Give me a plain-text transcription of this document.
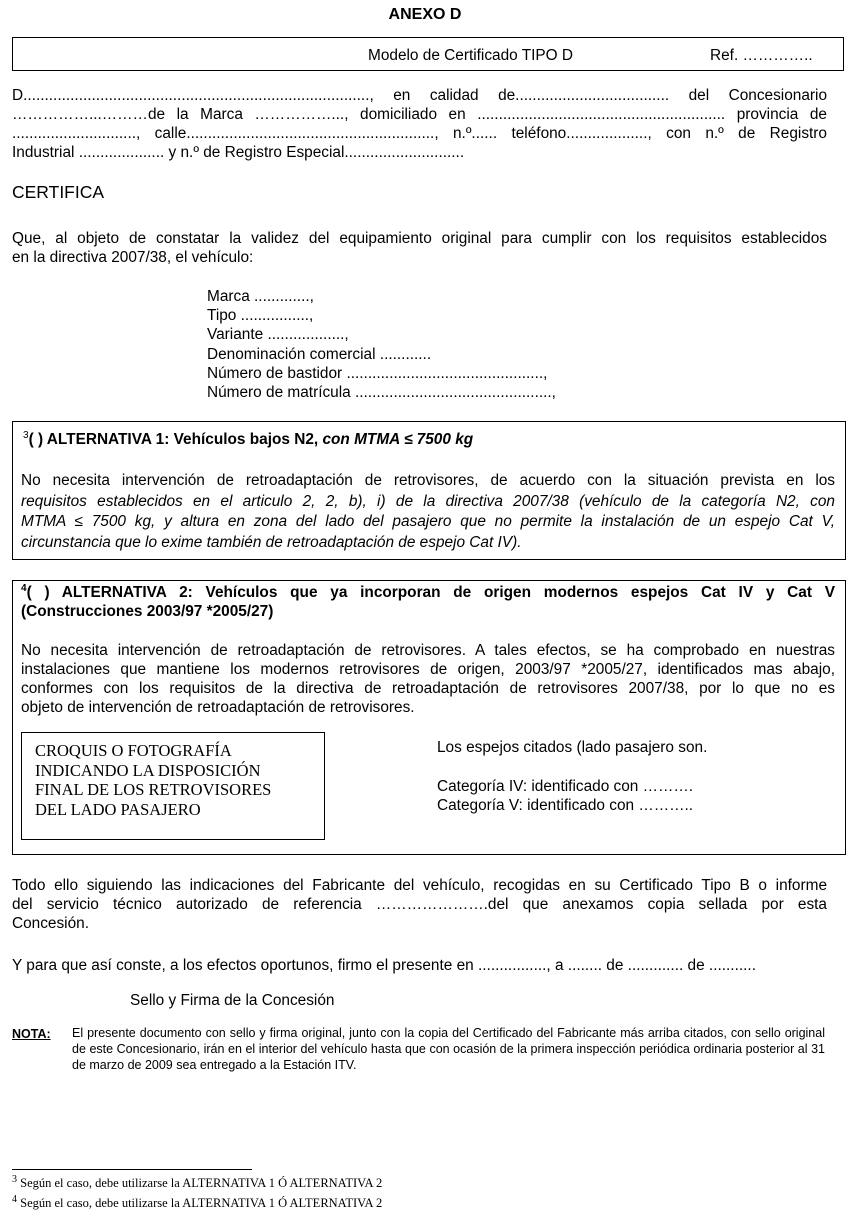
ANEXO D
Modelo de Certificado TIPO D	Ref. …………..
D................................................................................., en calidad de.................................... del Concesionario
……………...………de la Marca ……………..., domiciliado en .......................................................... provincia de
............................., calle.........................................................., n.º...... teléfono..................., con n.º de Registro
Industrial .................... y n.º de Registro Especial............................
CERTIFICA
Que, al objeto de constatar la validez del equipamiento original para cumplir con los requisitos establecidos
en la directiva 2007/38, el vehículo:
Marca .............,
Tipo ................,
Variante ..................,
Denominación comercial ............
Número de bastidor ..............................................,
Número de matrícula ..............................................,
$^3$( ) ALTERNATIVA 1: Vehículos bajos N2, con MTMA ≤ 7500 kg
No necesita intervención de retroadaptación de retrovisores, de acuerdo con la situación prevista en los
requisitos establecidos en el articulo 2, 2, b), i) de la directiva 2007/38 (vehículo de la categoría N2, con
MTMA ≤ 7500 kg, y altura en zona del lado del pasajero que no permite la instalación de un espejo Cat V,
circunstancia que lo exime también de retroadaptación de espejo Cat IV).
$^4$( ) ALTERNATIVA 2: Vehículos que ya incorporan de origen modernos espejos Cat IV y Cat V
(Construcciones 2003/97 *2005/27)
No necesita intervención de retroadaptación de retrovisores. A tales efectos, se ha comprobado en nuestras
instalaciones que mantiene los modernos retrovisores de origen, 2003/97 *2005/27, identificados mas abajo,
conformes con los requisitos de la directiva de retroadaptación de retrovisores 2007/38, por lo que no es
objeto de intervención de retroadaptación de retrovisores.
CROQUIS O FOTOGRAFÍA
INDICANDO LA DISPOSICIÓN
FINAL DE LOS RETROVISORES
DEL LADO PASAJERO
Los espejos citados (lado pasajero son.
Categoría IV: identificado con ……….
Categoría V: identificado con ………..
Todo ello siguiendo las indicaciones del Fabricante del vehículo, recogidas en su Certificado Tipo B o informe
del servicio técnico autorizado de referencia ………………….del que anexamos copia sellada por esta
Concesión.
Y para que así conste, a los efectos oportunos, firmo el presente en ................, a ........ de ............. de ...........
Sello y Firma de la Concesión
NOTA: El presente documento con sello y firma original, junto con la copia del Certificado del Fabricante más arriba citados, con sello original de este Concesionario, irán en el interior del vehículo hasta que con ocasión de la primera inspección periódica ordinaria posterior al 31 de marzo de 2009 sea entregado a la Estación ITV.
$^3$ Según el caso, debe utilizarse la ALTERNATIVA 1 Ó ALTERNATIVA 2
$^4$ Según el caso, debe utilizarse la ALTERNATIVA 1 Ó ALTERNATIVA 2
